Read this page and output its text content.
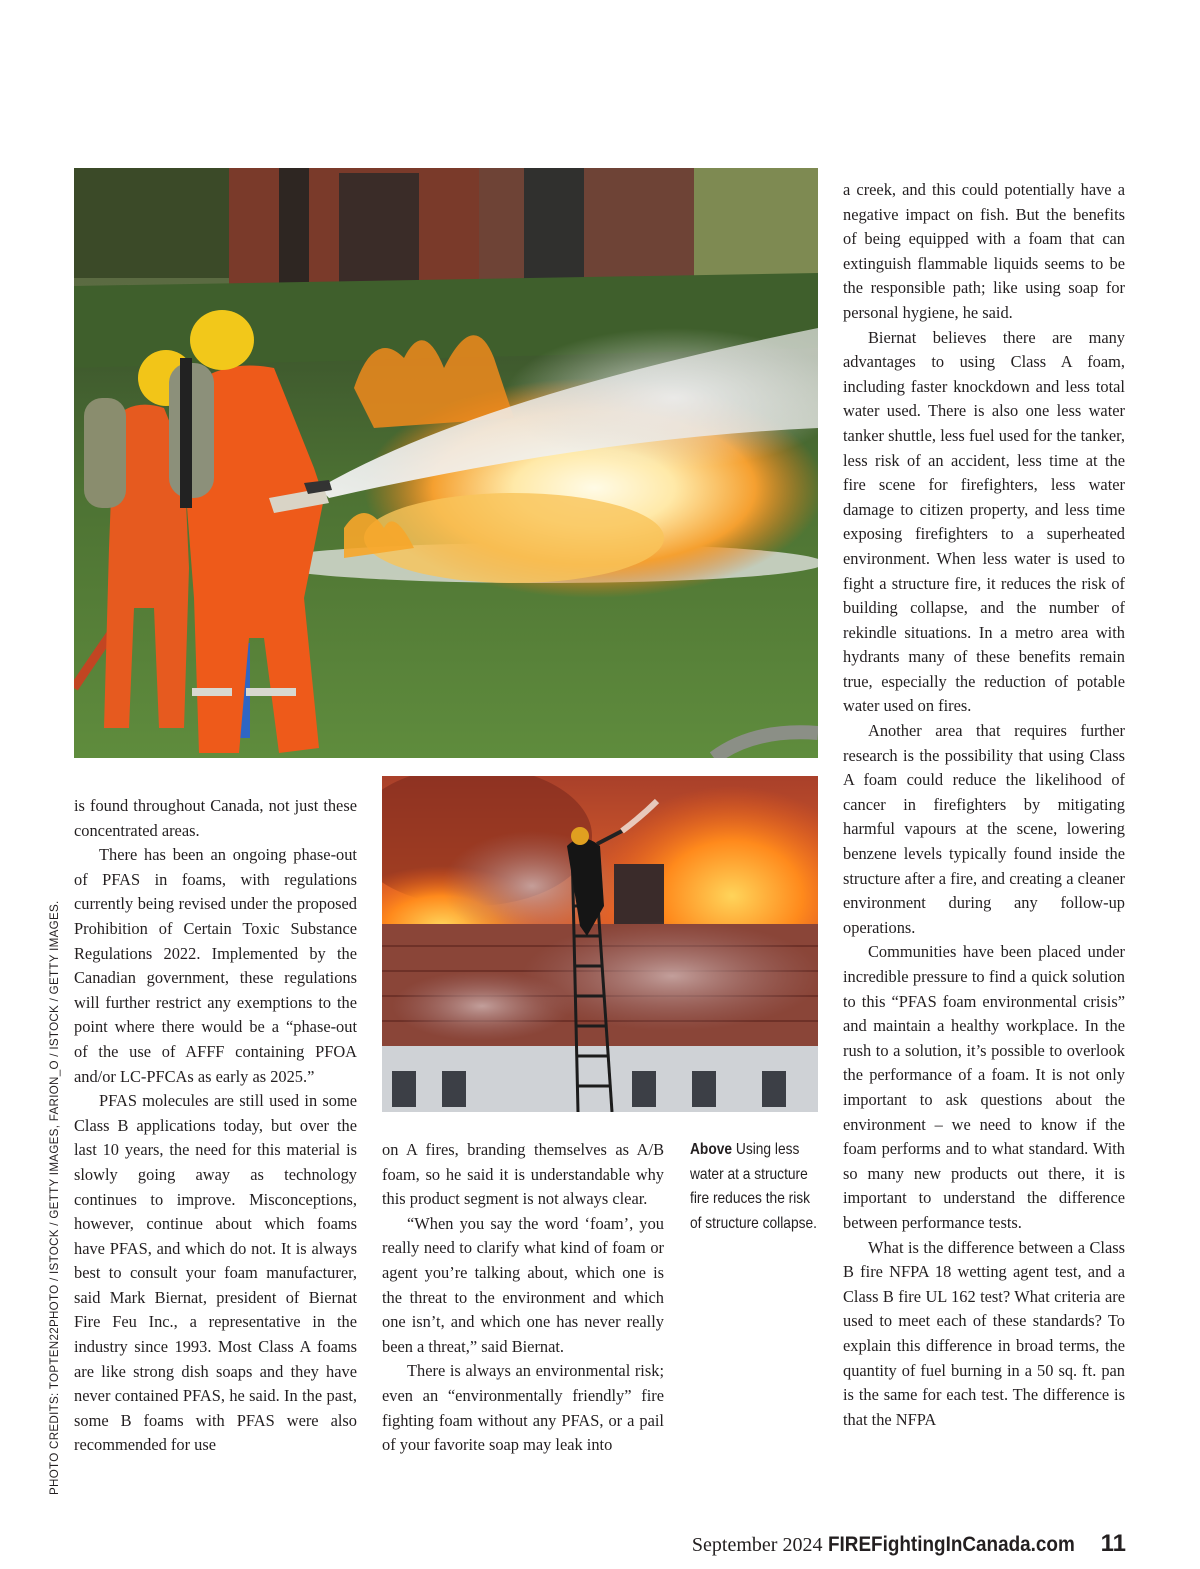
is found throughout Canada, not just these concentrated areas.

There has been an ongoing phase-out of PFAS in foams, with regulations currently being revised under the proposed Prohibition of Certain Toxic Substance Regulations 2022. Implemented by the Canadian government, these regulations will further restrict any exemptions to the point where there would be a “phase-out of the use of AFFF containing PFOA and/or LC-PFCAs as early as 2025.”

PFAS molecules are still used in some Class B applications today, but over the last 10 years, the need for this material is slowly going away as technology continues to improve. Misconceptions, however, continue about which foams have PFAS, and which do not. It is always best to consult your foam manufacturer, said Mark Biernat, president of Biernat Fire Feu Inc., a representative in the industry since 1993. Most Class A foams are like strong dish soaps and they have never contained PFAS, he said. In the past, some B foams with PFAS were also recommended for use

on A fires, branding themselves as A/B foam, so he said it is understandable why this product segment is not always clear.

“When you say the word ‘foam’, you really need to clarify what kind of foam or agent you’re talking about, which one is the threat to the environment and which one isn’t, and which one has never really been a threat,” said Biernat.

There is always an environmental risk; even an “environmentally friendly” fire fighting foam without any PFAS, or a pail of your favorite soap may leak into

Above Using less water at a structure fire reduces the risk of structure collapse.

a creek, and this could potentially have a negative impact on fish. But the benefits of being equipped with a foam that can extinguish flammable liquids seems to be the responsible path; like using soap for personal hygiene, he said.

Biernat believes there are many advantages to using Class A foam, including faster knockdown and less total water used. There is also one less water tanker shuttle, less fuel used for the tanker, less risk of an accident, less time at the fire scene for firefighters, less water damage to citizen property, and less time exposing firefighters to a superheated environment. When less water is used to fight a structure fire, it reduces the risk of building collapse, and the number of rekindle situations. In a metro area with hydrants many of these benefits remain true, especially the reduction of potable water used on fires.

Another area that requires further research is the possibility that using Class A foam could reduce the likelihood of cancer in firefighters by mitigating harmful vapours at the scene, lowering benzene levels typically found inside the structure after a fire, and creating a cleaner environment during any follow-up operations.

Communities have been placed under incredible pressure to find a quick solution to this “PFAS foam environmental crisis” and maintain a healthy workplace. In the rush to a solution, it’s possible to overlook the performance of a foam. It is not only important to ask questions about the environment – we need to know if the foam performs and to what standard. With so many new products out there, it is important to understand the difference between performance tests.

What is the difference between a Class B fire NFPA 18 wetting agent test, and a Class B fire UL 162 test? What criteria are used to meet each of these standards? To explain this difference in broad terms, the quantity of fuel burning in a 50 sq. ft. pan is the same for each test. The difference is that the NFPA

PHOTO CREDITS: TOPTEN22PHOTO / ISTOCK / GETTY IMAGES, FARION_O / ISTOCK / GETTY IMAGES.
September 2024 FIREFightingInCanada.com 11
